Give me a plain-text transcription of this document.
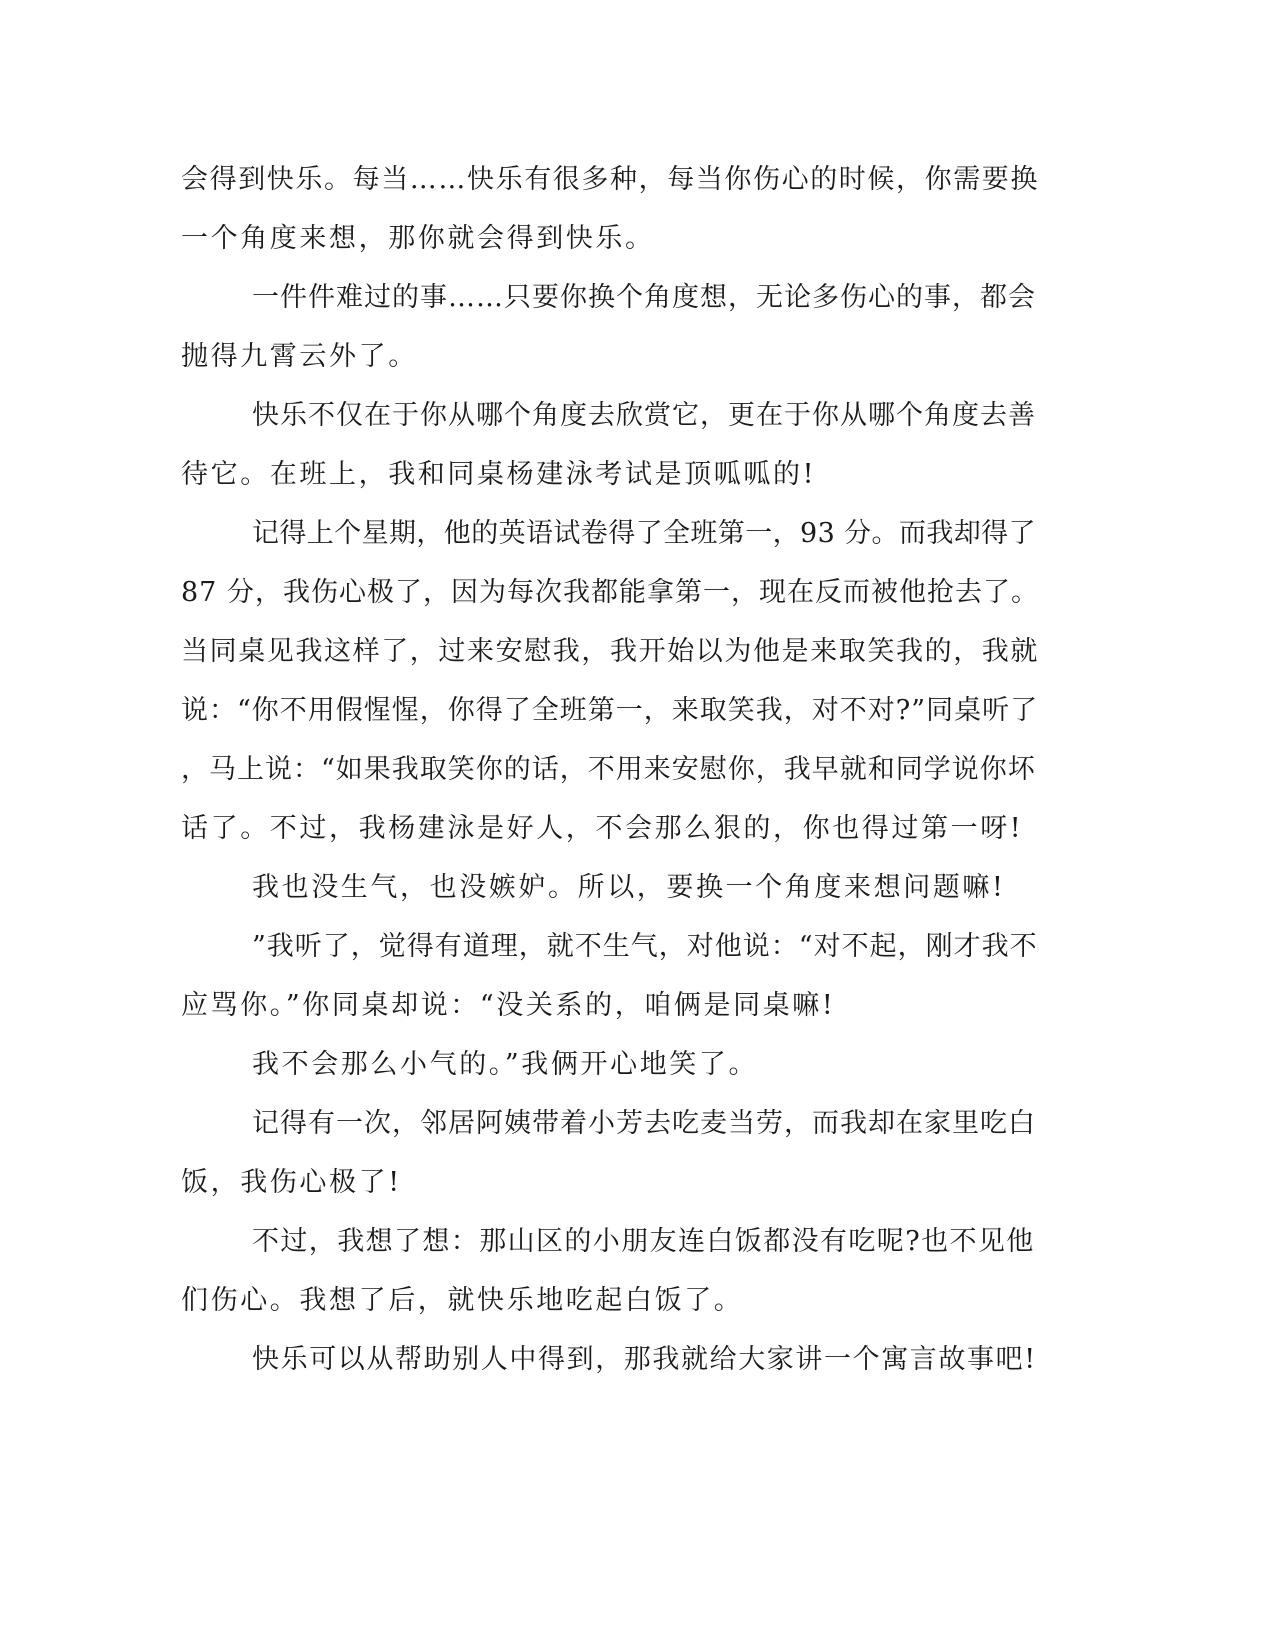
会得到快乐。每当……快乐有很多种，每当你伤心的时候，你需要换

一个角度来想，那你就会得到快乐。

一件件难过的事……只要你换个角度想，无论多伤心的事，都会

抛得九霄云外了。

快乐不仅在于你从哪个角度去欣赏它，更在于你从哪个角度去善

待它。在班上，我和同桌杨建泳考试是顶呱呱的!

记得上个星期，他的英语试卷得了全班第一，93 分。而我却得了

87 分，我伤心极了，因为每次我都能拿第一，现在反而被他抢去了。

当同桌见我这样了，过来安慰我，我开始以为他是来取笑我的，我就

说：“你不用假惺惺，你得了全班第一，来取笑我，对不对?”同桌听了

，马上说：“如果我取笑你的话，不用来安慰你，我早就和同学说你坏

话了。不过，我杨建泳是好人，不会那么狠的，你也得过第一呀!

我也没生气，也没嫉妒。所以，要换一个角度来想问题嘛!

”我听了，觉得有道理，就不生气，对他说：“对不起，刚才我不

应骂你。”你同桌却说：“没关系的，咱俩是同桌嘛!

我不会那么小气的。”我俩开心地笑了。

记得有一次，邻居阿姨带着小芳去吃麦当劳，而我却在家里吃白

饭，我伤心极了!

不过，我想了想：那山区的小朋友连白饭都没有吃呢?也不见他

们伤心。我想了后，就快乐地吃起白饭了。

快乐可以从帮助别人中得到，那我就给大家讲一个寓言故事吧!
